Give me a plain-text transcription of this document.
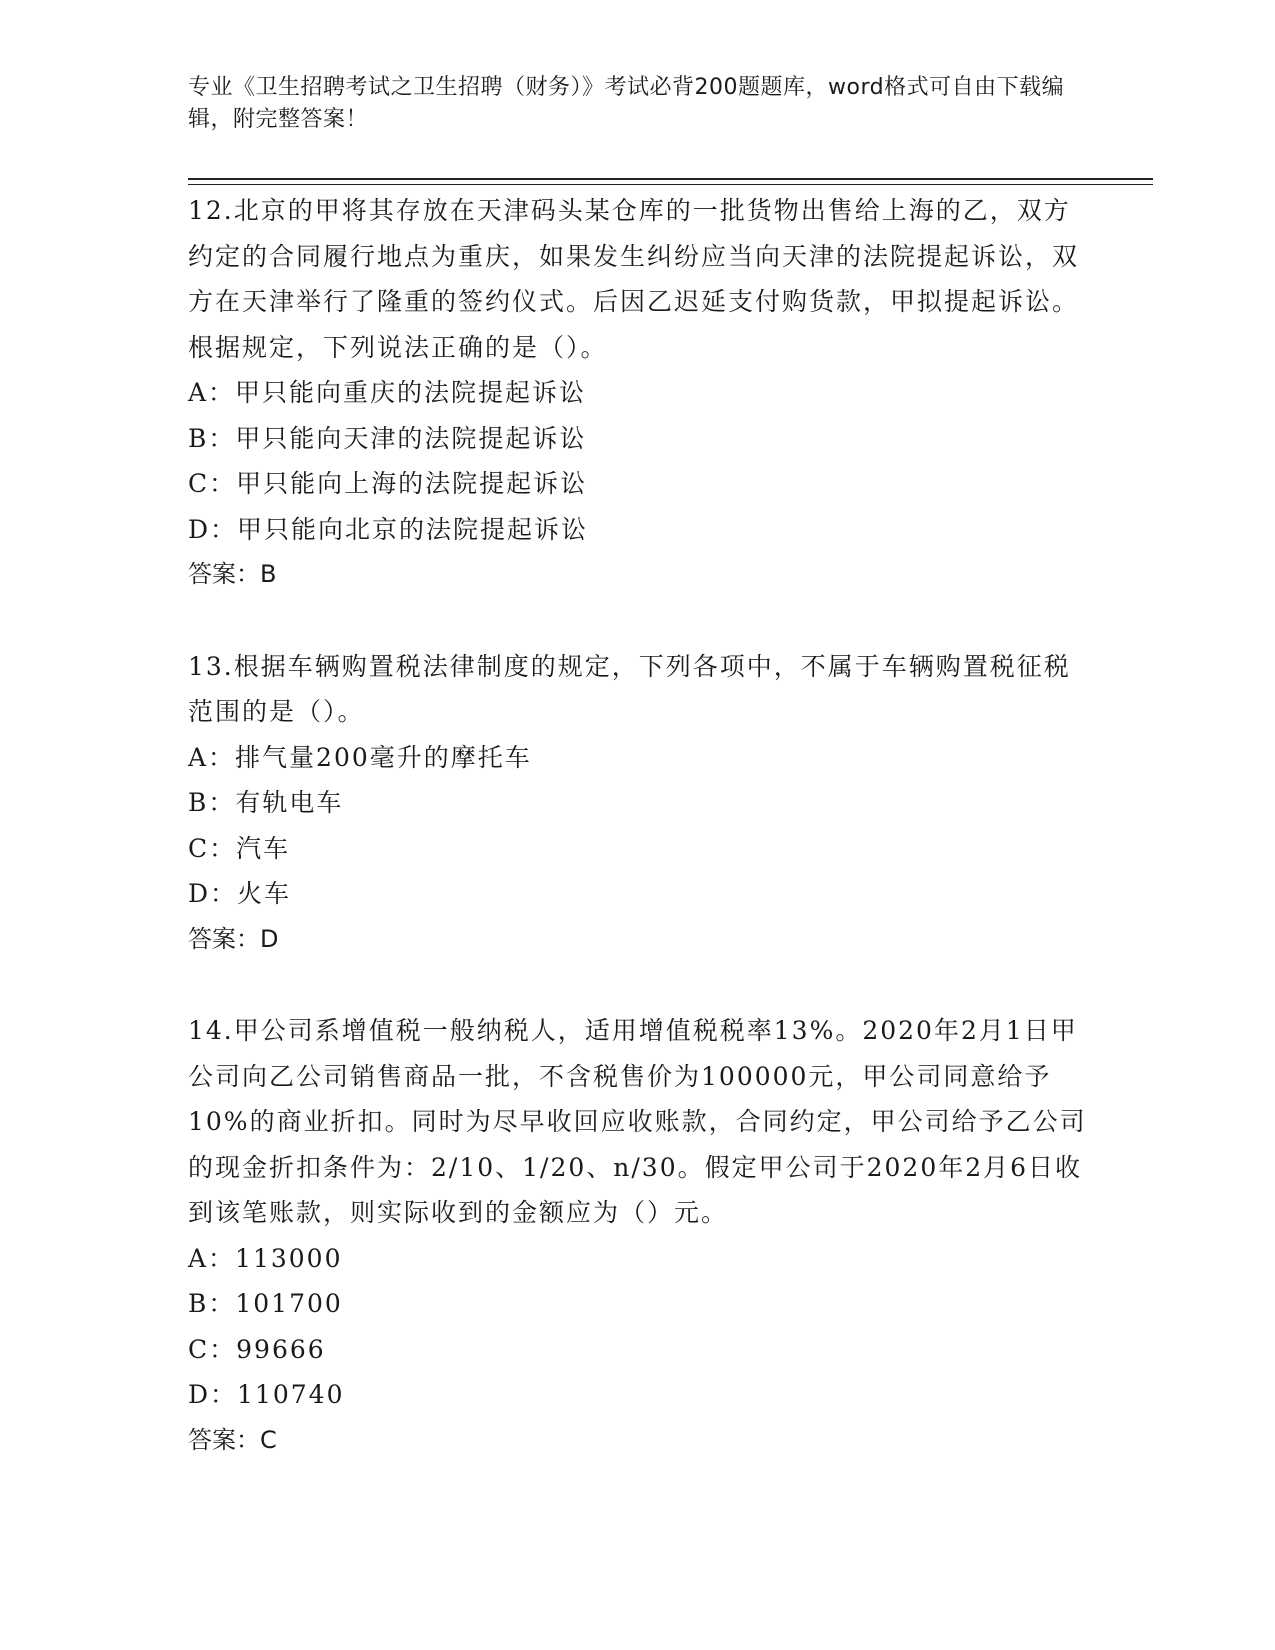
专业《卫生招聘考试之卫生招聘（财务）》考试必背200题题库，word格式可自由下载编辑，附完整答案！

12.北京的甲将其存放在天津码头某仓库的一批货物出售给上海的乙，双方约定的合同履行地点为重庆，如果发生纠纷应当向天津的法院提起诉讼，双方在天津举行了隆重的签约仪式。后因乙迟延支付购货款，甲拟提起诉讼。根据规定，下列说法正确的是（）。

A：甲只能向重庆的法院提起诉讼

B：甲只能向天津的法院提起诉讼

C：甲只能向上海的法院提起诉讼

D：甲只能向北京的法院提起诉讼

答案：B

13.根据车辆购置税法律制度的规定，下列各项中，不属于车辆购置税征税范围的是（）。

A：排气量200毫升的摩托车

B：有轨电车

C：汽车

D：火车

答案：D

14.甲公司系增值税一般纳税人，适用增值税税率13%。2020年2月1日甲公司向乙公司销售商品一批，不含税售价为100000元，甲公司同意给予10%的商业折扣。同时为尽早收回应收账款，合同约定，甲公司给予乙公司的现金折扣条件为：2/10、1/20、n/30。假定甲公司于2020年2月6日收到该笔账款，则实际收到的金额应为（）元。

A：113000

B：101700

C：99666

D：110740

答案：C
